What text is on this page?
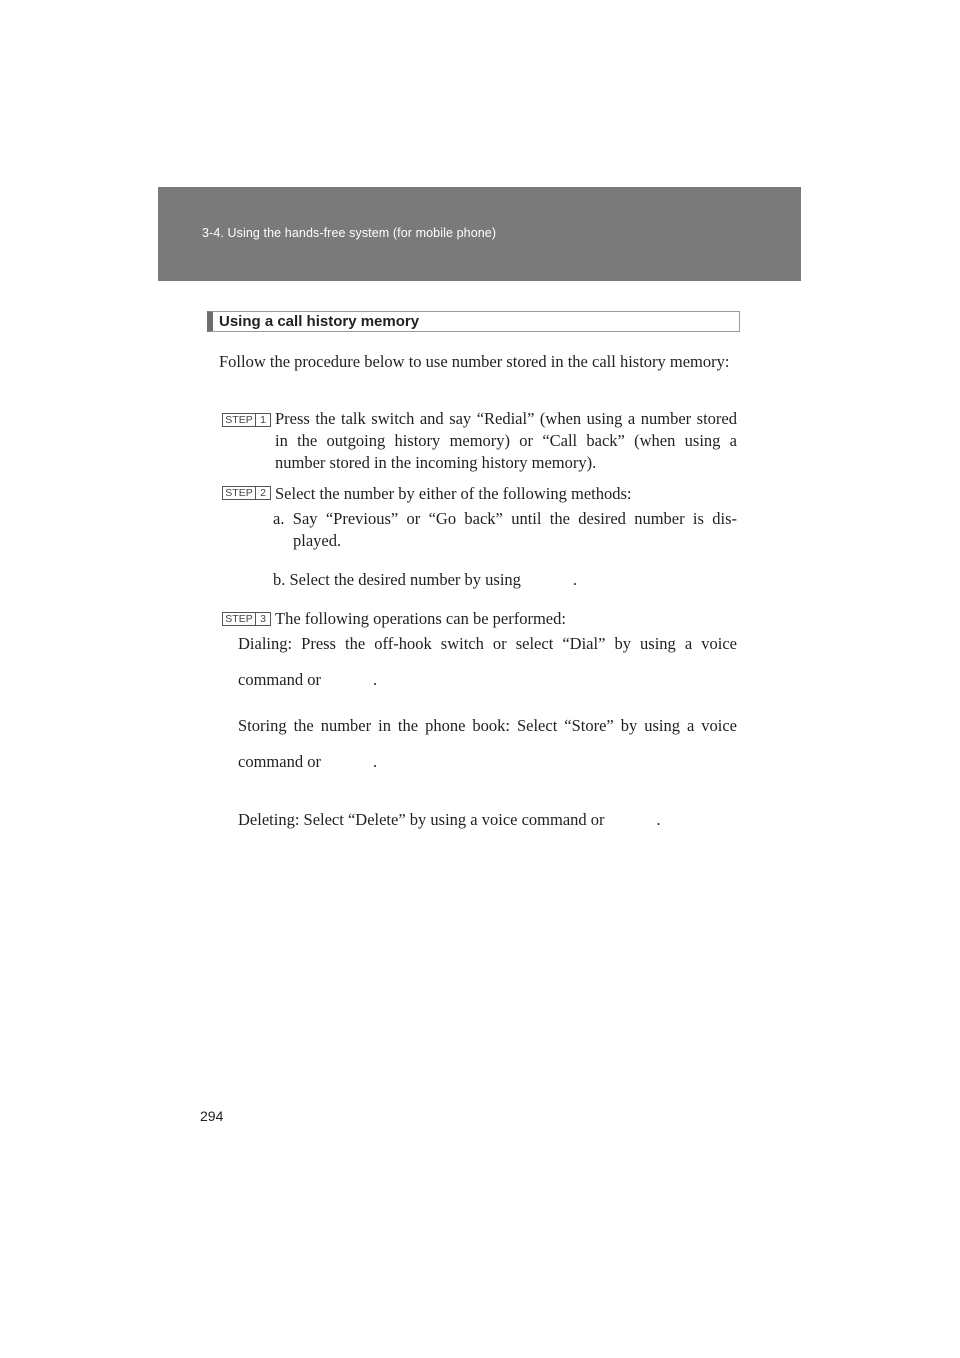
3-4. Using the hands-free system (for mobile phone)
Using a call history memory
Follow the procedure below to use number stored in the call history memory:
STEP 1 Press the talk switch and say “Redial” (when using a number stored in the outgoing history memory) or “Call back” (when using a number stored in the incoming history memory).
STEP 2 Select the number by either of the following methods:
a. Say “Previous” or “Go back” until the desired number is dis-played.
b. Select the desired number by using	.
STEP 3 The following operations can be performed:
Dialing: Press the off-hook switch or select “Dial” by using a voice
command or	.
Storing the number in the phone book: Select “Store” by using a voice
command or	.
Deleting: Select “Delete” by using a voice command or	.
294
